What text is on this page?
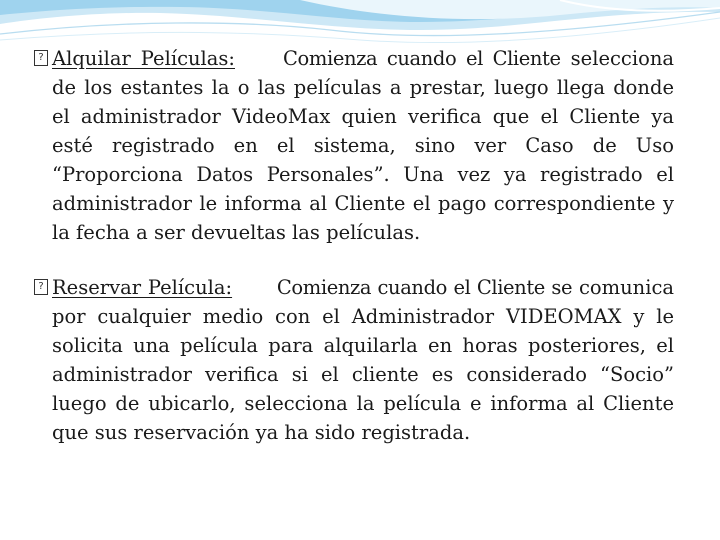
? Alquilar Películas: Comienza cuando el Cliente selecciona de los estantes la o las películas a prestar, luego llega donde el administrador VideoMax quien verifica que el Cliente ya esté registrado en el sistema, sino ver Caso de Uso “Proporciona Datos Personales”. Una vez ya registrado el administrador le informa al Cliente el pago correspondiente y la fecha a ser devueltas las películas.
? Reservar Película: Comienza cuando el Cliente se comunica por cualquier medio con el Administrador VIDEOMAX y le solicita una película para alquilarla en horas posteriores, el administrador verifica si el cliente es considerado “Socio” luego de ubicarlo, selecciona la película e informa al Cliente que sus reservación ya ha sido registrada.
